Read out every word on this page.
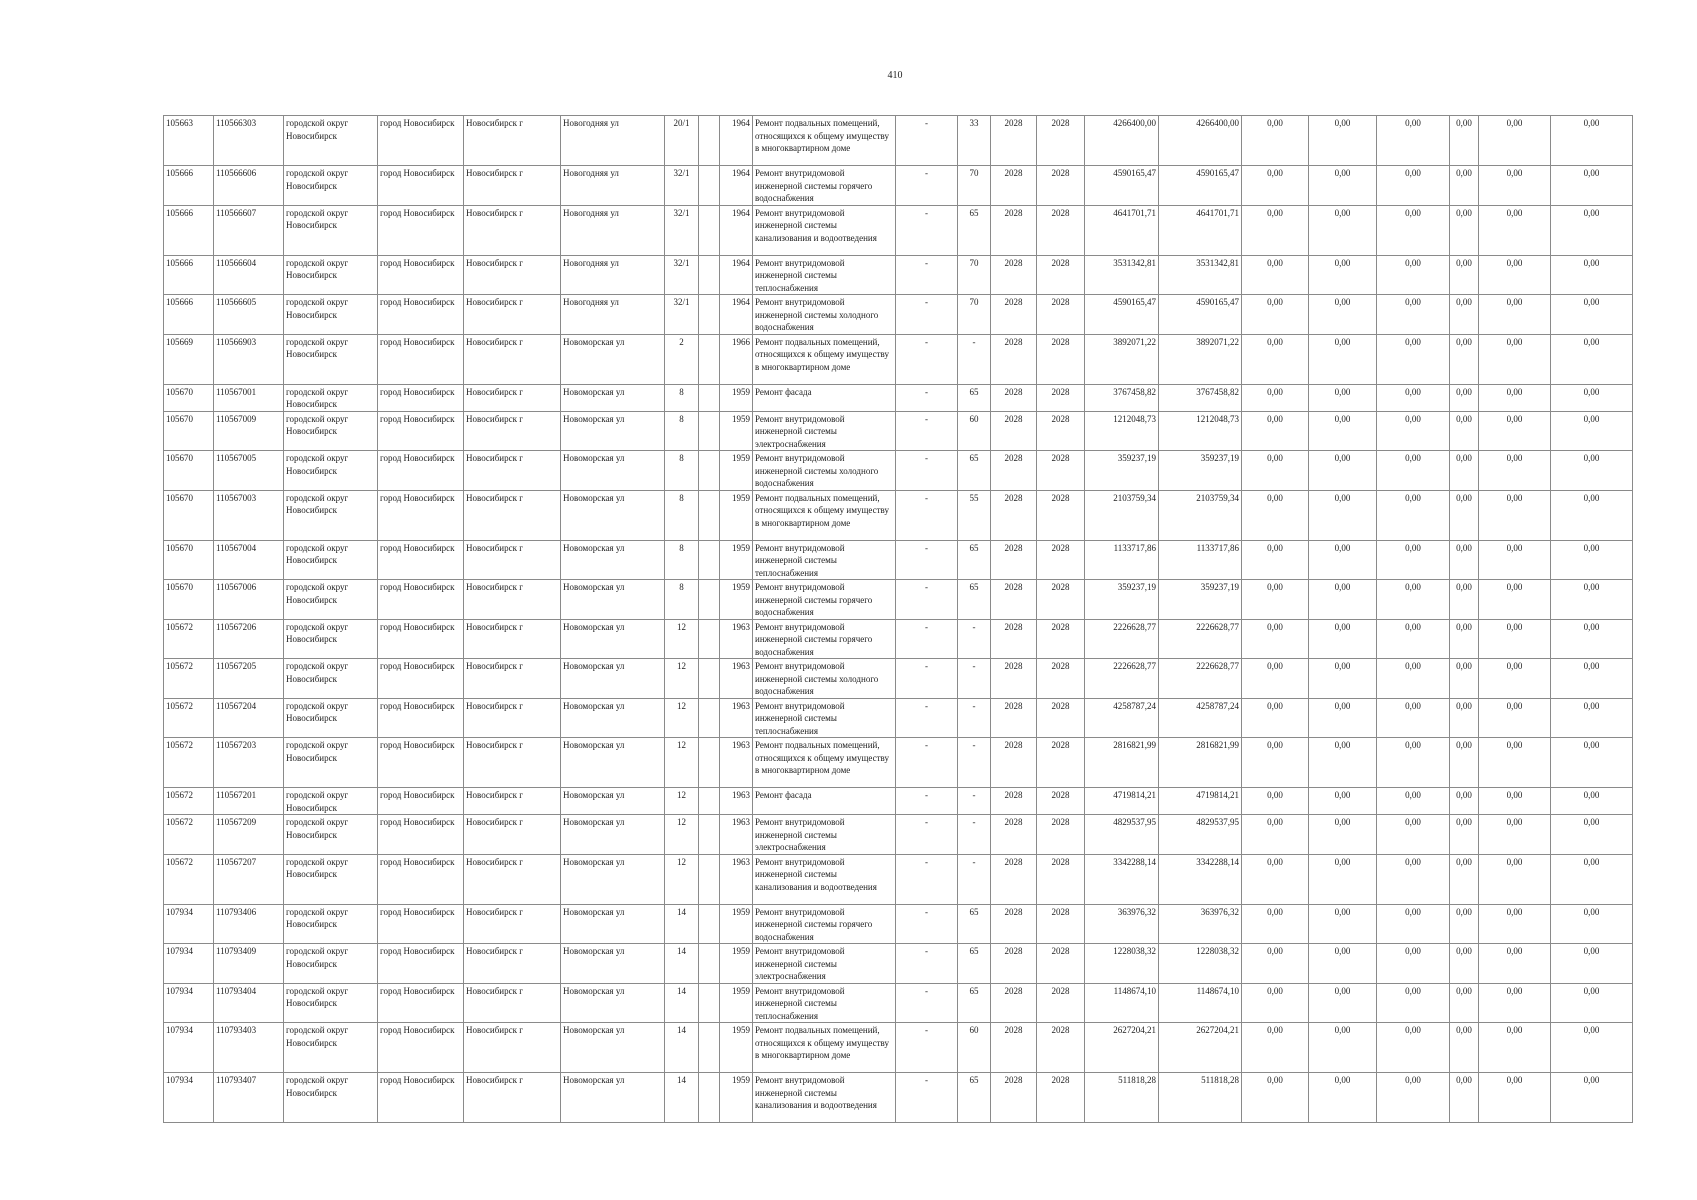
410
105663	110566303	городской округ Новосибирск	город Новосибирск	Новосибирск г	Новогодняя ул	20/1		1964	Ремонт подвальных помещений, относящихся к общему имуществу в многоквартирном доме	-	33	2028	2028	4266400,00	4266400,00	0,00	0,00	0,00	0,00	0,00	0,00
105666	110566606	городской округ Новосибирск	город Новосибирск	Новосибирск г	Новогодняя ул	32/1		1964	Ремонт внутридомовой инженерной системы горячего водоснабжения	-	70	2028	2028	4590165,47	4590165,47	0,00	0,00	0,00	0,00	0,00	0,00
105666	110566607	городской округ Новосибирск	город Новосибирск	Новосибирск г	Новогодняя ул	32/1		1964	Ремонт внутридомовой инженерной системы канализования и водоотведения	-	65	2028	2028	4641701,71	4641701,71	0,00	0,00	0,00	0,00	0,00	0,00
105666	110566604	городской округ Новосибирск	город Новосибирск	Новосибирск г	Новогодняя ул	32/1		1964	Ремонт внутридомовой инженерной системы теплоснабжения	-	70	2028	2028	3531342,81	3531342,81	0,00	0,00	0,00	0,00	0,00	0,00
105666	110566605	городской округ Новосибирск	город Новосибирск	Новосибирск г	Новогодняя ул	32/1		1964	Ремонт внутридомовой инженерной системы холодного водоснабжения	-	70	2028	2028	4590165,47	4590165,47	0,00	0,00	0,00	0,00	0,00	0,00
105669	110566903	городской округ Новосибирск	город Новосибирск	Новосибирск г	Новоморская ул	2		1966	Ремонт подвальных помещений, относящихся к общему имуществу в многоквартирном доме	-	-	2028	2028	3892071,22	3892071,22	0,00	0,00	0,00	0,00	0,00	0,00
105670	110567001	городской округ Новосибирск	город Новосибирск	Новосибирск г	Новоморская ул	8		1959	Ремонт фасада	-	65	2028	2028	3767458,82	3767458,82	0,00	0,00	0,00	0,00	0,00	0,00
105670	110567009	городской округ Новосибирск	город Новосибирск	Новосибирск г	Новоморская ул	8		1959	Ремонт внутридомовой инженерной системы электроснабжения	-	60	2028	2028	1212048,73	1212048,73	0,00	0,00	0,00	0,00	0,00	0,00
105670	110567005	городской округ Новосибирск	город Новосибирск	Новосибирск г	Новоморская ул	8		1959	Ремонт внутридомовой инженерной системы холодного водоснабжения	-	65	2028	2028	359237,19	359237,19	0,00	0,00	0,00	0,00	0,00	0,00
105670	110567003	городской округ Новосибирск	город Новосибирск	Новосибирск г	Новоморская ул	8		1959	Ремонт подвальных помещений, относящихся к общему имуществу в многоквартирном доме	-	55	2028	2028	2103759,34	2103759,34	0,00	0,00	0,00	0,00	0,00	0,00
105670	110567004	городской округ Новосибирск	город Новосибирск	Новосибирск г	Новоморская ул	8		1959	Ремонт внутридомовой инженерной системы теплоснабжения	-	65	2028	2028	1133717,86	1133717,86	0,00	0,00	0,00	0,00	0,00	0,00
105670	110567006	городской округ Новосибирск	город Новосибирск	Новосибирск г	Новоморская ул	8		1959	Ремонт внутридомовой инженерной системы горячего водоснабжения	-	65	2028	2028	359237,19	359237,19	0,00	0,00	0,00	0,00	0,00	0,00
105672	110567206	городской округ Новосибирск	город Новосибирск	Новосибирск г	Новоморская ул	12		1963	Ремонт внутридомовой инженерной системы горячего водоснабжения	-	-	2028	2028	2226628,77	2226628,77	0,00	0,00	0,00	0,00	0,00	0,00
105672	110567205	городской округ Новосибирск	город Новосибирск	Новосибирск г	Новоморская ул	12		1963	Ремонт внутридомовой инженерной системы холодного водоснабжения	-	-	2028	2028	2226628,77	2226628,77	0,00	0,00	0,00	0,00	0,00	0,00
105672	110567204	городской округ Новосибирск	город Новосибирск	Новосибирск г	Новоморская ул	12		1963	Ремонт внутридомовой инженерной системы теплоснабжения	-	-	2028	2028	4258787,24	4258787,24	0,00	0,00	0,00	0,00	0,00	0,00
105672	110567203	городской округ Новосибирск	город Новосибирск	Новосибирск г	Новоморская ул	12		1963	Ремонт подвальных помещений, относящихся к общему имуществу в многоквартирном доме	-	-	2028	2028	2816821,99	2816821,99	0,00	0,00	0,00	0,00	0,00	0,00
105672	110567201	городской округ Новосибирск	город Новосибирск	Новосибирск г	Новоморская ул	12		1963	Ремонт фасада	-	-	2028	2028	4719814,21	4719814,21	0,00	0,00	0,00	0,00	0,00	0,00
105672	110567209	городской округ Новосибирск	город Новосибирск	Новосибирск г	Новоморская ул	12		1963	Ремонт внутридомовой инженерной системы электроснабжения	-	-	2028	2028	4829537,95	4829537,95	0,00	0,00	0,00	0,00	0,00	0,00
105672	110567207	городской округ Новосибирск	город Новосибирск	Новосибирск г	Новоморская ул	12		1963	Ремонт внутридомовой инженерной системы канализования и водоотведения	-	-	2028	2028	3342288,14	3342288,14	0,00	0,00	0,00	0,00	0,00	0,00
107934	110793406	городской округ Новосибирск	город Новосибирск	Новосибирск г	Новоморская ул	14		1959	Ремонт внутридомовой инженерной системы горячего водоснабжения	-	65	2028	2028	363976,32	363976,32	0,00	0,00	0,00	0,00	0,00	0,00
107934	110793409	городской округ Новосибирск	город Новосибирск	Новосибирск г	Новоморская ул	14		1959	Ремонт внутридомовой инженерной системы электроснабжения	-	65	2028	2028	1228038,32	1228038,32	0,00	0,00	0,00	0,00	0,00	0,00
107934	110793404	городской округ Новосибирск	город Новосибирск	Новосибирск г	Новоморская ул	14		1959	Ремонт внутридомовой инженерной системы теплоснабжения	-	65	2028	2028	1148674,10	1148674,10	0,00	0,00	0,00	0,00	0,00	0,00
107934	110793403	городской округ Новосибирск	город Новосибирск	Новосибирск г	Новоморская ул	14		1959	Ремонт подвальных помещений, относящихся к общему имуществу в многоквартирном доме	-	60	2028	2028	2627204,21	2627204,21	0,00	0,00	0,00	0,00	0,00	0,00
107934	110793407	городской округ Новосибирск	город Новосибирск	Новосибирск г	Новоморская ул	14		1959	Ремонт внутридомовой инженерной системы канализования и водоотведения	-	65	2028	2028	511818,28	511818,28	0,00	0,00	0,00	0,00	0,00	0,00
